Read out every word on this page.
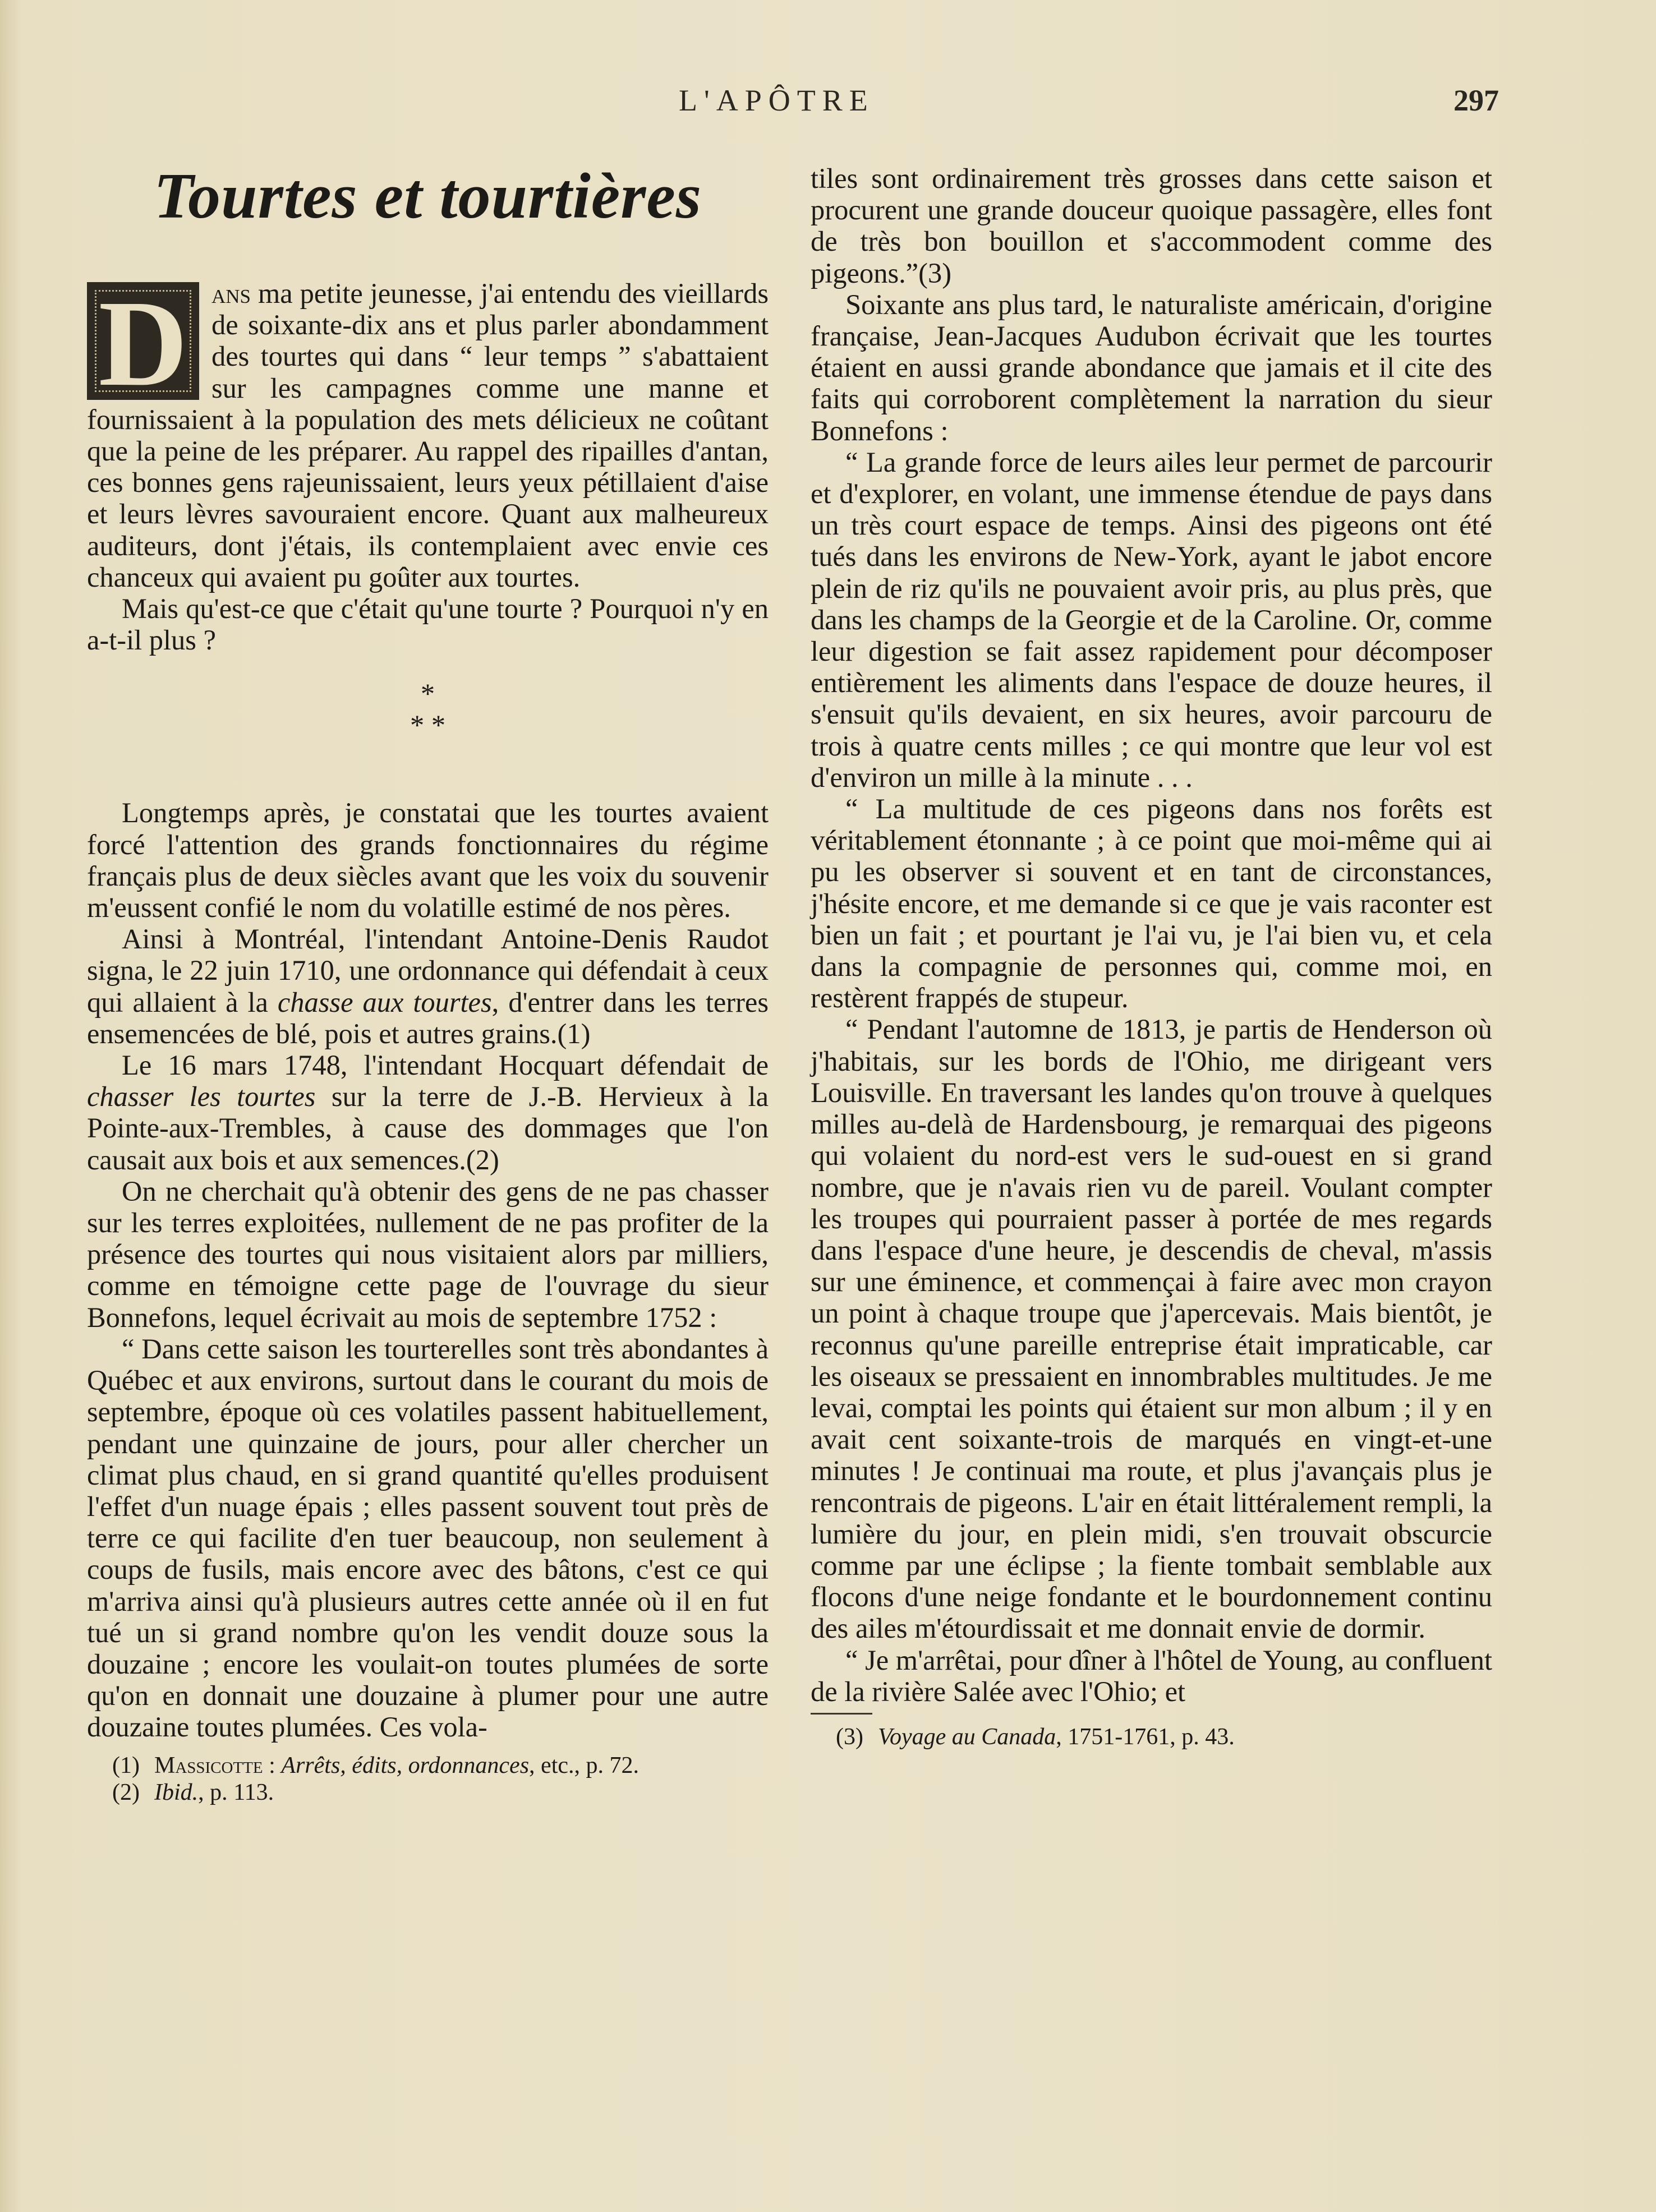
L'APÔTRE	297
Tourtes et tourtières

D ans ma petite jeunesse, j'ai entendu des vieillards de soixante-dix ans et plus parler abondamment des tourtes qui dans “ leur temps ” s'abattaient sur les campagnes comme une manne et fournissaient à la population des mets délicieux ne coûtant que la peine de les préparer. Au rappel des ripailles d'antan, ces bonnes gens rajeunissaient, leurs yeux pétillaient d'aise et leurs lèvres savouraient encore. Quant aux malheureux auditeurs, dont j'étais, ils contemplaient avec envie ces chanceux qui avaient pu goûter aux tourtes.

Mais qu'est-ce que c'était qu'une tourte ? Pourquoi n'y en a-t-il plus ?

*
* *

Longtemps après, je constatai que les tourtes avaient forcé l'attention des grands fonctionnaires du régime français plus de deux siècles avant que les voix du souvenir m'eussent confié le nom du volatille estimé de nos pères.

Ainsi à Montréal, l'intendant Antoine-Denis Raudot signa, le 22 juin 1710, une ordonnance qui défendait à ceux qui allaient à la chasse aux tourtes, d'entrer dans les terres ensemencées de blé, pois et autres grains.(1)

Le 16 mars 1748, l'intendant Hocquart défendait de chasser les tourtes sur la terre de J.-B. Hervieux à la Pointe-aux-Trembles, à cause des dommages que l'on causait aux bois et aux semences.(2)

On ne cherchait qu'à obtenir des gens de ne pas chasser sur les terres exploitées, nullement de ne pas profiter de la présence des tourtes qui nous visitaient alors par milliers, comme en témoigne cette page de l'ouvrage du sieur Bonnefons, lequel écrivait au mois de septembre 1752 :

“ Dans cette saison les tourterelles sont très abondantes à Québec et aux environs, surtout dans le courant du mois de septembre, époque où ces volatiles passent habituellement, pendant une quinzaine de jours, pour aller chercher un climat plus chaud, en si grand quantité qu'elles produisent l'effet d'un nuage épais ; elles passent souvent tout près de terre ce qui facilite d'en tuer beaucoup, non seulement à coups de fusils, mais encore avec des bâtons, c'est ce qui m'arriva ainsi qu'à plusieurs autres cette année où il en fut tué un si grand nombre qu'on les vendit douze sous la douzaine ; encore les voulait-on toutes plumées de sorte qu'on en donnait une douzaine à plumer pour une autre douzaine toutes plumées. Ces vola-

(1) Massicotte : Arrêts, édits, ordonnances, etc., p. 72.

(2) Ibid., p. 113.

tiles sont ordinairement très grosses dans cette saison et procurent une grande douceur quoique passagère, elles font de très bon bouillon et s'accommodent comme des pigeons.”(3)

Soixante ans plus tard, le naturaliste américain, d'origine française, Jean-Jacques Audubon écrivait que les tourtes étaient en aussi grande abondance que jamais et il cite des faits qui corroborent complètement la narration du sieur Bonnefons :

“ La grande force de leurs ailes leur permet de parcourir et d'explorer, en volant, une immense étendue de pays dans un très court espace de temps. Ainsi des pigeons ont été tués dans les environs de New-York, ayant le jabot encore plein de riz qu'ils ne pouvaient avoir pris, au plus près, que dans les champs de la Georgie et de la Caroline. Or, comme leur digestion se fait assez rapidement pour décomposer entièrement les aliments dans l'espace de douze heures, il s'ensuit qu'ils devaient, en six heures, avoir parcouru de trois à quatre cents milles ; ce qui montre que leur vol est d'environ un mille à la minute . . .

“ La multitude de ces pigeons dans nos forêts est véritablement étonnante ; à ce point que moi-même qui ai pu les observer si souvent et en tant de circonstances, j'hésite encore, et me demande si ce que je vais raconter est bien un fait ; et pourtant je l'ai vu, je l'ai bien vu, et cela dans la compagnie de personnes qui, comme moi, en restèrent frappés de stupeur.

“ Pendant l'automne de 1813, je partis de Henderson où j'habitais, sur les bords de l'Ohio, me dirigeant vers Louisville. En traversant les landes qu'on trouve à quelques milles au-delà de Hardensbourg, je remarquai des pigeons qui volaient du nord-est vers le sud-ouest en si grand nombre, que je n'avais rien vu de pareil. Voulant compter les troupes qui pourraient passer à portée de mes regards dans l'espace d'une heure, je descendis de cheval, m'assis sur une éminence, et commençai à faire avec mon crayon un point à chaque troupe que j'apercevais. Mais bientôt, je reconnus qu'une pareille entreprise était impraticable, car les oiseaux se pressaient en innombrables multitudes. Je me levai, comptai les points qui étaient sur mon album ; il y en avait cent soixante-trois de marqués en vingt-et-une minutes ! Je continuai ma route, et plus j'avançais plus je rencontrais de pigeons. L'air en était littéralement rempli, la lumière du jour, en plein midi, s'en trouvait obscurcie comme par une éclipse ; la fiente tombait semblable aux flocons d'une neige fondante et le bourdonnement continu des ailes m'étourdissait et me donnait envie de dormir.

“ Je m'arrêtai, pour dîner à l'hôtel de Young, au confluent de la rivière Salée avec l'Ohio; et

(3) Voyage au Canada, 1751-1761, p. 43.
